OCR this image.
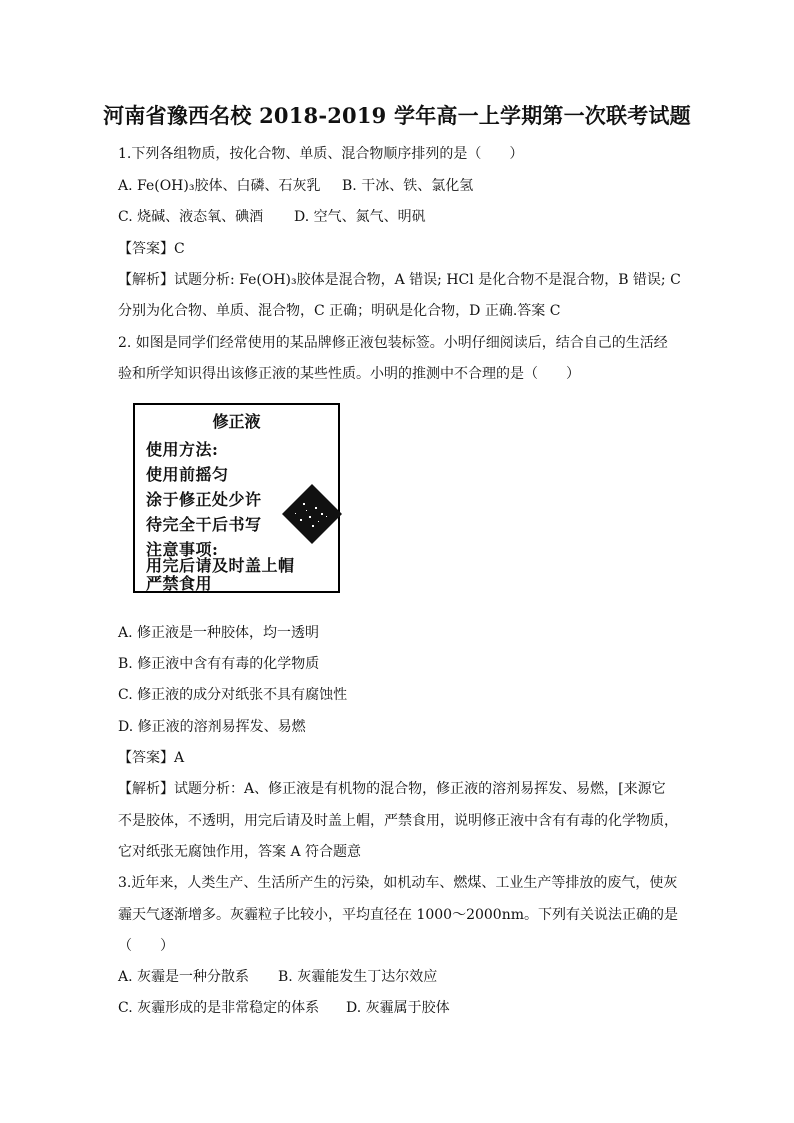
河南省豫西名校 2018-2019 学年高一上学期第一次联考试题
1.下列各组物质，按化合物、单质、混合物顺序排列的是（　　）
A. Fe(OH)₃胶体、白磷、石灰乳 B. 干冰、铁、氯化氢
C. 烧碱、液态氧、碘酒 D. 空气、氮气、明矾
【答案】C
【解析】试题分析: Fe(OH)₃胶体是混合物，A 错误; HCl 是化合物不是混合物，B 错误; C
分别为化合物、单质、混合物，C 正确；明矾是化合物，D 正确.答案 C
2. 如图是同学们经常使用的某品牌修正液包装标签。小明仔细阅读后，结合自己的生活经
验和所学知识得出该修正液的某些性质。小明的推测中不合理的是（　　）
修正液
使用方法:
使用前摇匀
涂于修正处少许
待完全干后书写
注意事项:
用完后请及时盖上帽
严禁食用
A. 修正液是一种胶体，均一透明
B. 修正液中含有有毒的化学物质
C. 修正液的成分对纸张不具有腐蚀性
D. 修正液的溶剂易挥发、易燃
【答案】A
【解析】试题分析：A、修正液是有机物的混合物，修正液的溶剂易挥发、易燃，[来源它
不是胶体，不透明，用完后请及时盖上帽，严禁食用，说明修正液中含有有毒的化学物质，
它对纸张无腐蚀作用，答案 A 符合题意
3.近年来，人类生产、生活所产生的污染，如机动车、燃煤、工业生产等排放的废气，使灰
霾天气逐渐增多。灰霾粒子比较小，平均直径在 1000～2000nm。下列有关说法正确的是
（　　）
A. 灰霾是一种分散系 B. 灰霾能发生丁达尔效应
C. 灰霾形成的是非常稳定的体系 D. 灰霾属于胶体
